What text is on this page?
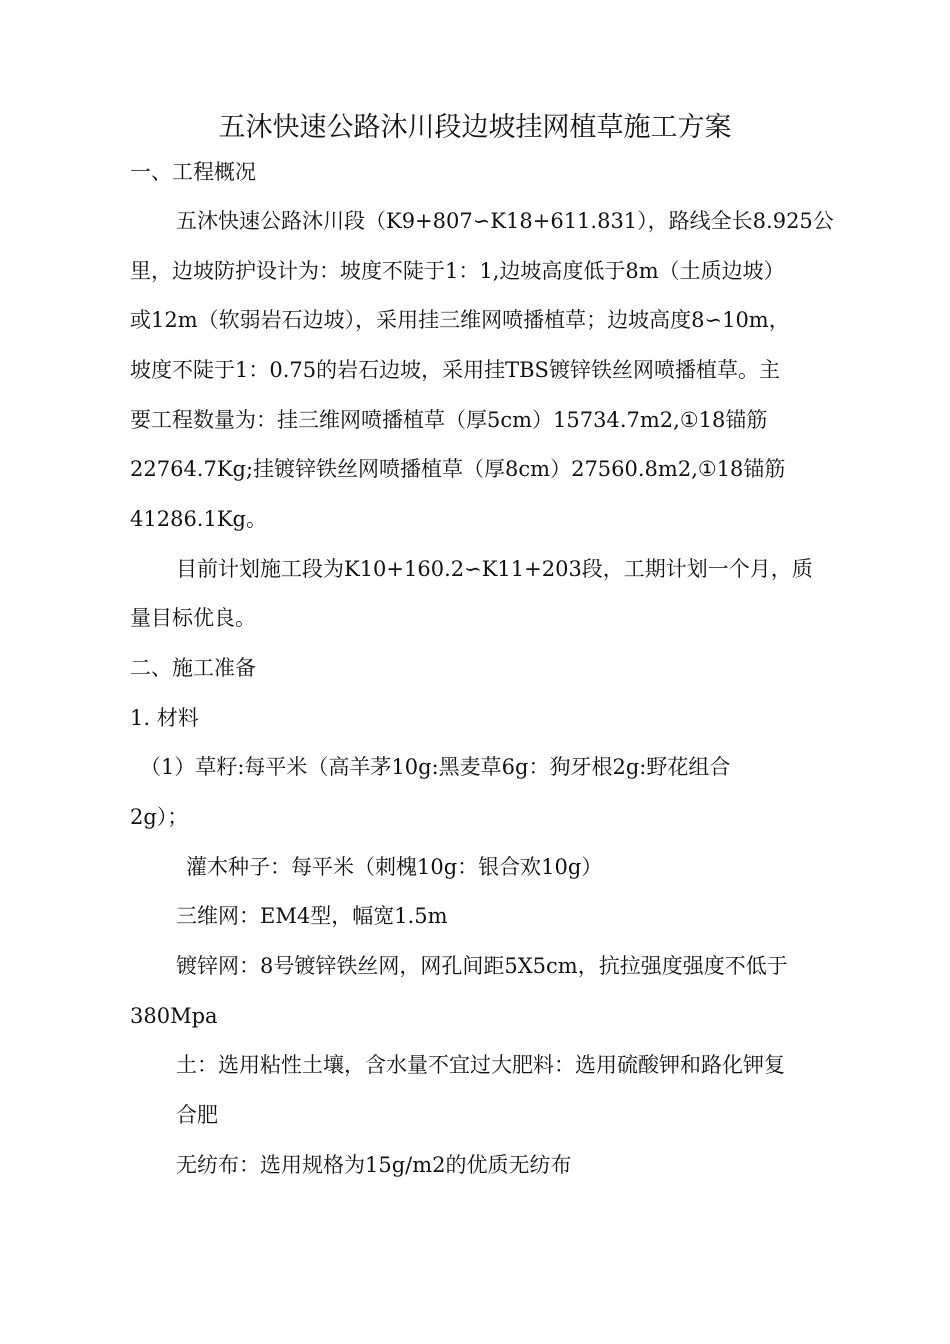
五沐快速公路沐川段边坡挂网植草施工方案
一、工程概况
五沐快速公路沐川段（K9+807∽K18+611.831），路线全长8.925公
里，边坡防护设计为：坡度不陡于1：1,边坡高度低于8m（土质边坡）
或12m（软弱岩石边坡），采用挂三维网喷播植草；边坡高度8∽10m，
坡度不陡于1：0.75的岩石边坡，采用挂TBS镀锌铁丝网喷播植草。主
要工程数量为：挂三维网喷播植草（厚5cm）15734.7m2,①18锚筋
22764.7Kg;挂镀锌铁丝网喷播植草（厚8cm）27560.8m2,①18锚筋
41286.1Kg。
目前计划施工段为K10+160.2∽K11+203段，工期计划一个月，质
量目标优良。
二、施工准备
1. 材料
（1）草籽:每平米（高羊茅10g:黑麦草6g：狗牙根2g:野花组合
2g）；
灌木种子：每平米（刺槐10g：银合欢10g）
三维网：EM4型，幅宽1.5m
镀锌网：8号镀锌铁丝网，网孔间距5X5cm，抗拉强度强度不低于
380Mpa
土：选用粘性土壤，含水量不宜过大肥料：选用硫酸钾和路化钾复
合肥
无纺布：选用规格为15g/m2的优质无纺布
